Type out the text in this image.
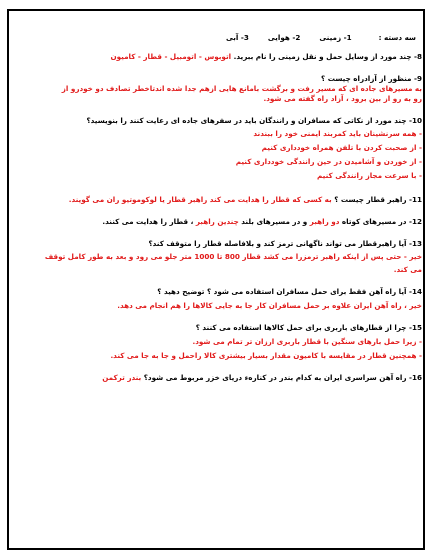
سه دسته :  1- زمینی  2- هوایی  3- آبی
8- چند مورد از وسایل حمل و نقل زمینی را نام ببرید. اتوبوس - اتومبیل - قطار - کامیون
9- منظور از آزادراه چیست ؟
به مسیرهای جاده ای که مسیر رفت و برگشت بامانع هایی ازهم جدا شده اندتاخطر تصادف دو خودرو از
رو به رو از بین برود ، آزاد راه گفته می شود.
10- چند مورد از نکاتی که مسافران و رانندگان باید در سفرهای جاده ای رعایت کنند را بنویسید؟
- همه سرنشینان باید کمربند ایمنی خود را ببندند
- از صحبت کردن با تلفن همراه خودداری کنیم
- از خوردن و آشامیدن در حین رانندگی خودداری کنیم
- با سرعت مجاز رانندگی کنیم
11- راهبر قطار چیست ؟ به کسی که قطار را هدایت می کند راهبر قطار یا لوکوموتیو ران می گویند.
12- در مسیرهای کوتاه دو راهبر و در مسیرهای بلند چندین راهبر ، قطار را هدایت می کنند.
13- آیا راهبرقطار می تواند ناگهانی ترمز کند و بلافاصله قطار را متوقف کند؟
خیر - حتی پس از اینکه راهبر ترمزرا می کشد قطار 800 تا 1000 متر جلو می رود و بعد به طور کامل توقف
می کند.
14- آیا راه آهن فقط برای حمل مسافران استفاده می شود ؟ توضیح دهید ؟
خیر ، راه آهن ایران علاوه بر حمل مسافران کار جا به جایی کالاها را هم انجام می دهد.
15- چرا از قطارهای باربری برای حمل کالاها استفاده می کنند ؟
- زیرا حمل بارهای سنگین با قطار باربری ارزان تر تمام می شود.
- همچنین قطار در مقایسه با کامیون مقدار بسیار بیشتری کالا راحمل و جا به جا می کند.
16- راه آهن سراسری ایران به کدام بندر در کنارهء دریای خزر مربوط می شود؟ بندر ترکمن
